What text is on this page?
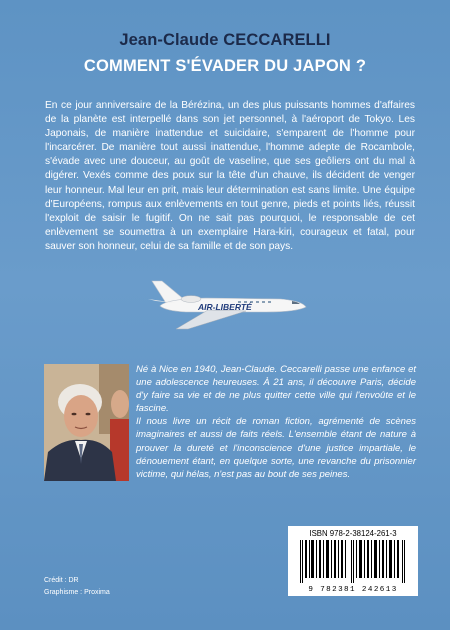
Jean-Claude CECCARELLI
COMMENT S'ÉVADER DU JAPON ?
En ce jour anniversaire de la Bérézina, un des plus puissants hommes d'affaires de la planète est interpellé dans son jet personnel, à l'aéroport de Tokyo. Les Japonais, de manière inattendue et suicidaire, s'emparent de l'homme pour l'incarcérer. De manière tout aussi inattendue, l'homme adepte de Rocambole, s'évade avec une douceur, au goût de vaseline, que ses geôliers ont du mal à digérer. Vexés comme des poux sur la tête d'un chauve, ils décident de venger leur honneur. Mal leur en prit, mais leur détermination est sans limite. Une équipe d'Européens, rompus aux enlèvements en tout genre, pieds et points liés, réussit l'exploit de saisir le fugitif. On ne sait pas pourquoi, le responsable de cet enlèvement se soumettra à un exemplaire Hara-kiri, courageux et fatal, pour sauver son honneur, celui de sa famille et de son pays.
AIR-LIBERTÉ

Né à Nice en 1940, Jean-Claude. Ceccarelli passe une enfance et une adolescence heureuses. À 21 ans, il découvre Paris, décide d'y faire sa vie et de ne plus quitter cette ville qui l'envoûte et le fascine.

Il nous livre un récit de roman fiction, agrémenté de scènes imaginaires et aussi de faits réels. L'ensemble étant de nature à prouver la dureté et l'inconscience d'une justice impartiale, le dénouement étant, en quelque sorte, une revanche du prisonnier victime, qui hélas, n'est pas au bout de ses peines.

ISBN 978-2-38124-261-3
9 782381 242613
Crédit : DR
Graphisme : Proxima
